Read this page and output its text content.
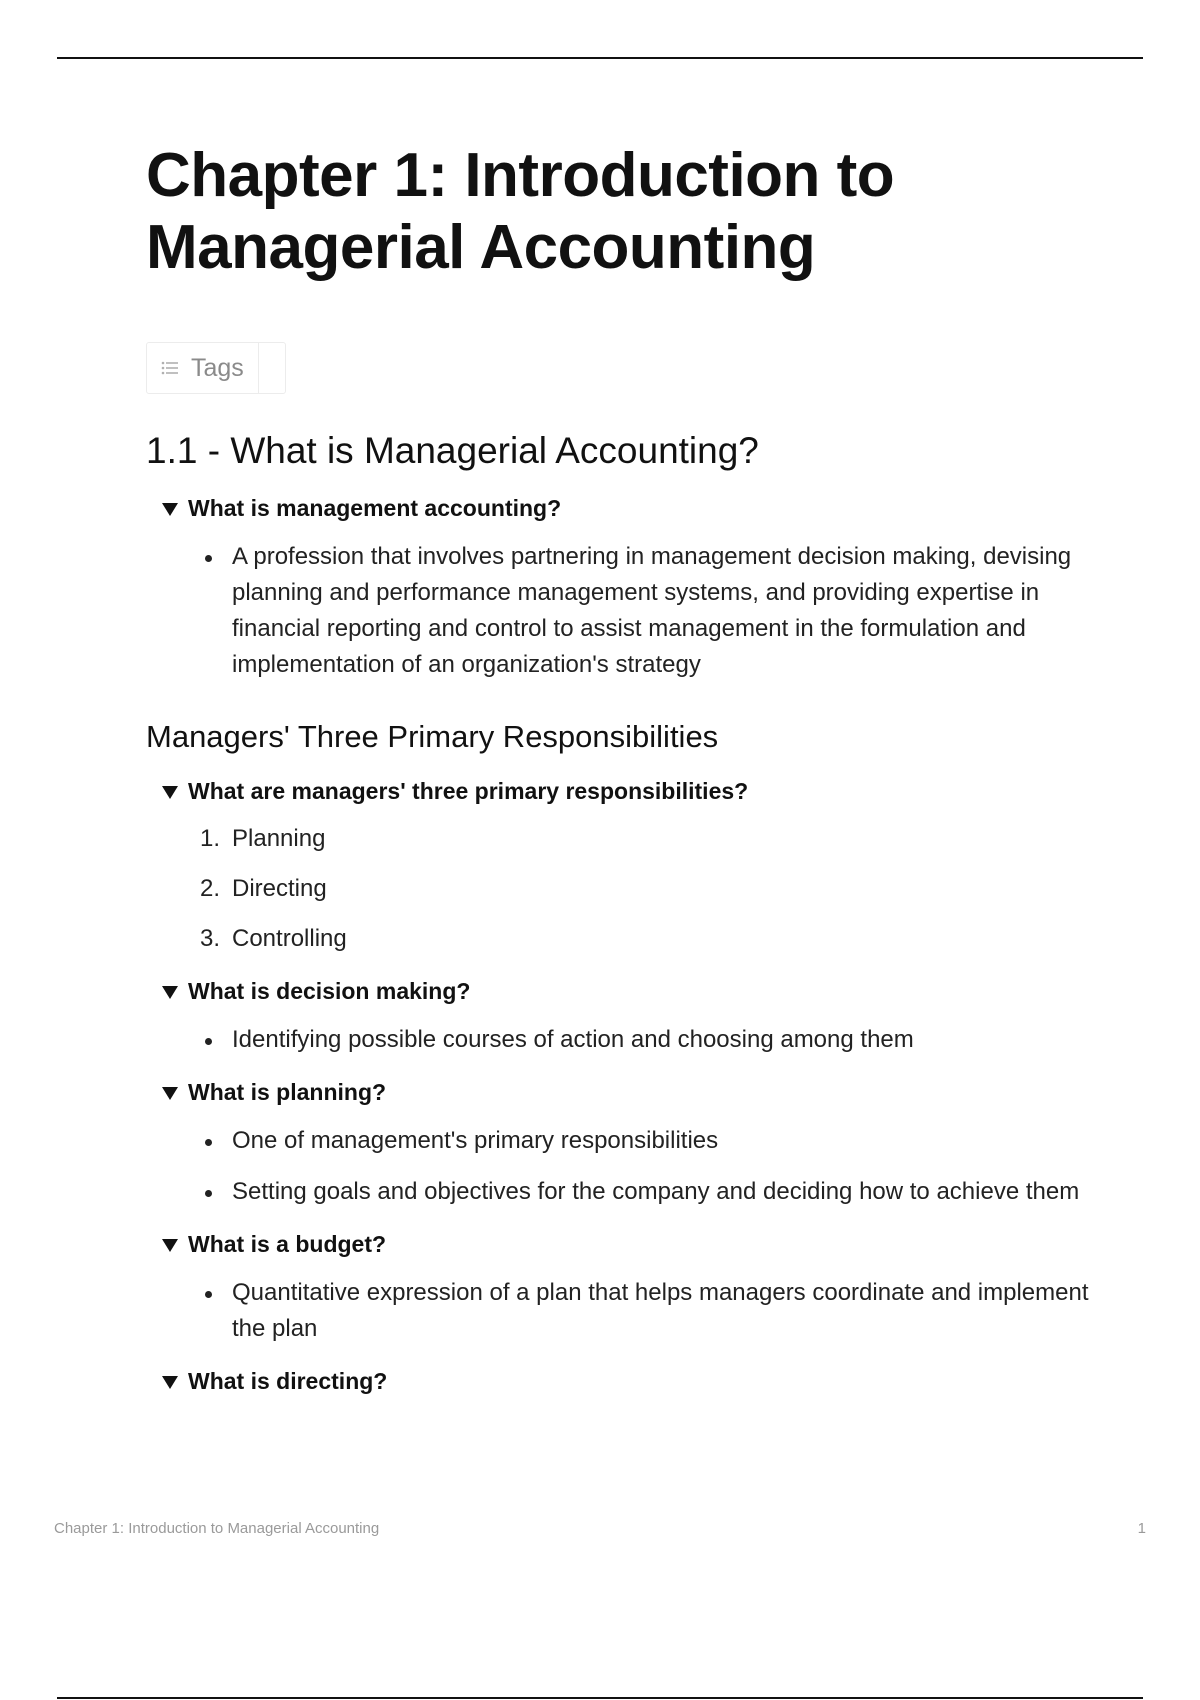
Chapter 1: Introduction to
Managerial Accounting
Tags
1.1 - What is Managerial Accounting?
What is management accounting?
A profession that involves partnering in management decision making, devising planning and performance management systems, and providing expertise in financial reporting and control to assist management in the formulation and implementation of an organization's strategy
Managers' Three Primary Responsibilities
What are managers' three primary responsibilities?
1. Planning
2. Directing
3. Controlling
What is decision making?
Identifying possible courses of action and choosing among them
What is planning?
One of management's primary responsibilities
Setting goals and objectives for the company and deciding how to achieve them
What is a budget?
Quantitative expression of a plan that helps managers coordinate and implement the plan
What is directing?
Chapter 1: Introduction to Managerial Accounting	1
